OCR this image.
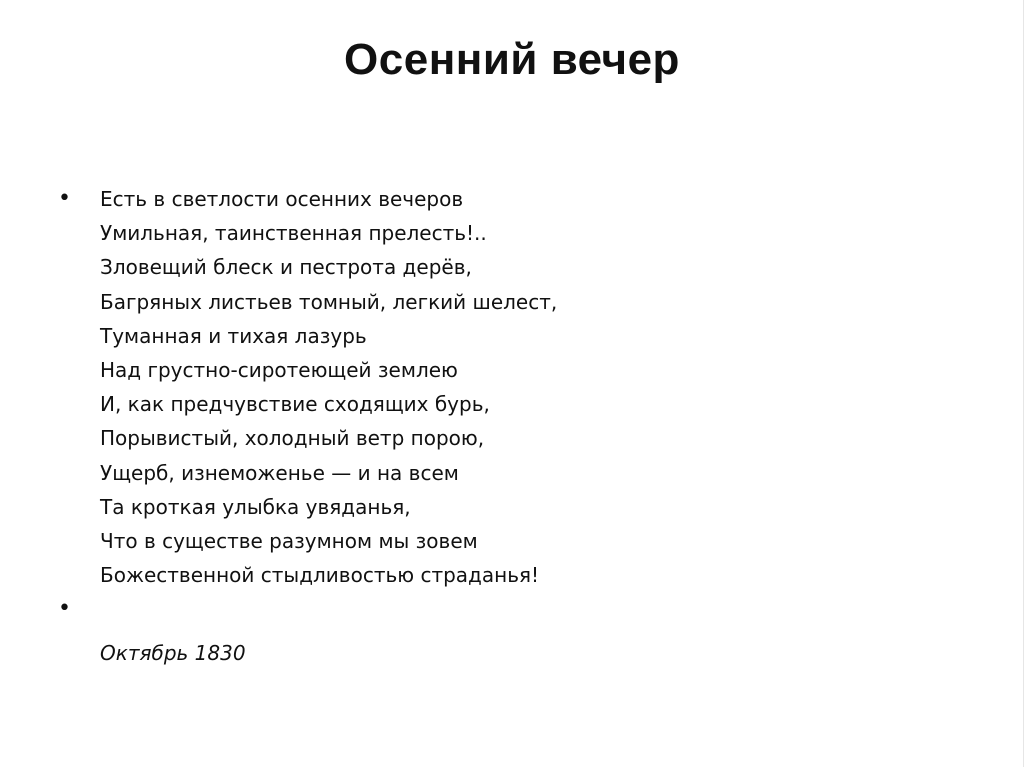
Осенний вечер
• Есть в светлости осенних вечеров
Умильная, таинственная прелесть!..
Зловещий блеск и пестрота дерёв,
Багряных листьев томный, легкий шелест,
Туманная и тихая лазурь
Над грустно-сиротеющей землею
И, как предчувствие сходящих бурь,
Порывистый, холодный ветр порою,
Ущерб, изнеможенье — и на всем
Та кроткая улыбка увяданья,
Что в существе разумном мы зовем
Божественной стыдливостью страданья!
•
Октябрь 1830
